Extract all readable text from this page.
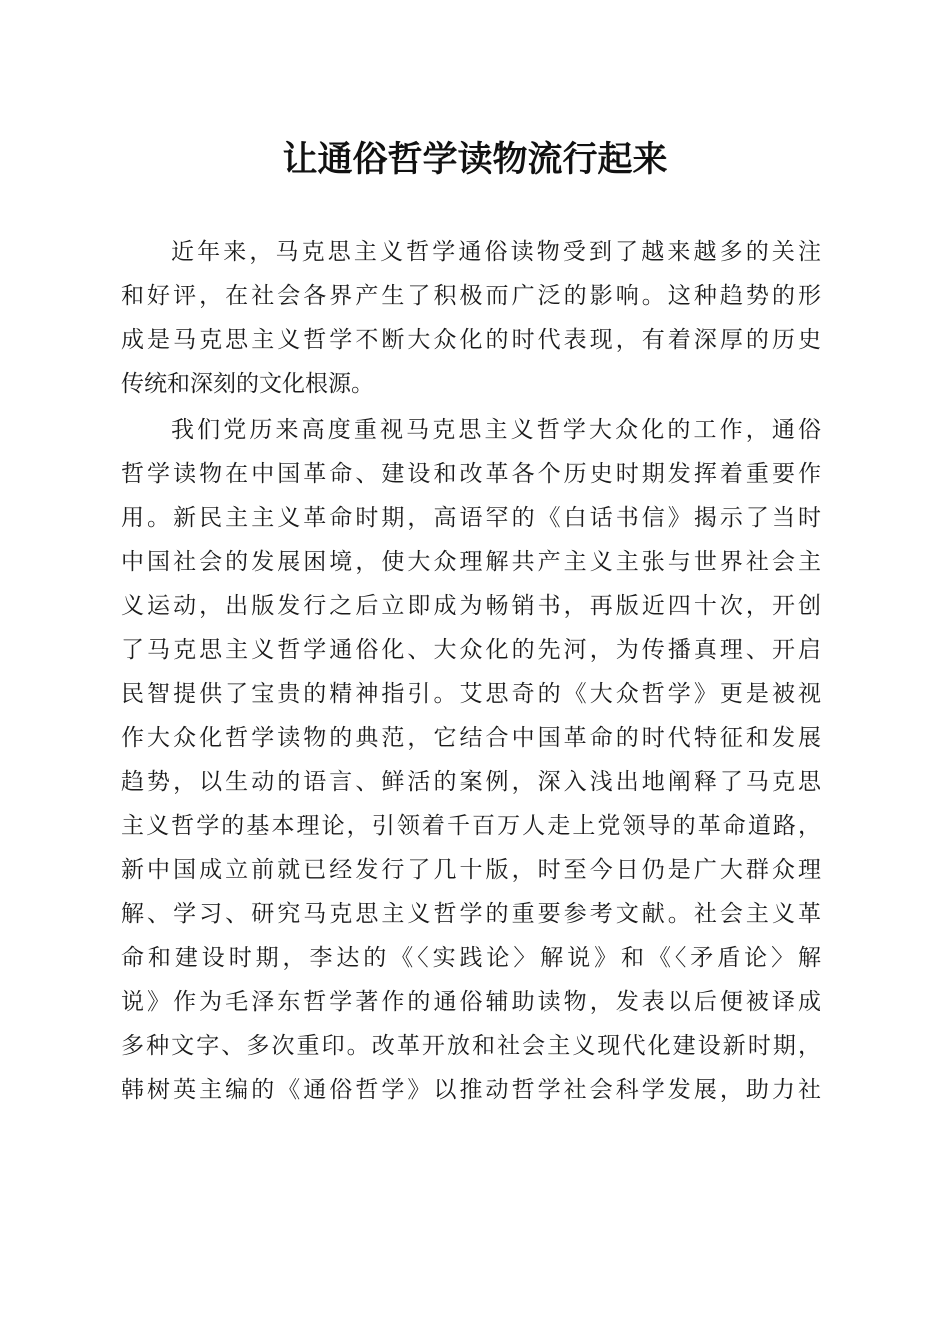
让通俗哲学读物流行起来
近年来，马克思主义哲学通俗读物受到了越来越多的关注
和好评，在社会各界产生了积极而广泛的影响。这种趋势的形
成是马克思主义哲学不断大众化的时代表现，有着深厚的历史
传统和深刻的文化根源。
我们党历来高度重视马克思主义哲学大众化的工作，通俗
哲学读物在中国革命、建设和改革各个历史时期发挥着重要作
用。新民主主义革命时期，高语罕的《白话书信》揭示了当时
中国社会的发展困境，使大众理解共产主义主张与世界社会主
义运动，出版发行之后立即成为畅销书，再版近四十次，开创
了马克思主义哲学通俗化、大众化的先河，为传播真理、开启
民智提供了宝贵的精神指引。艾思奇的《大众哲学》更是被视
作大众化哲学读物的典范，它结合中国革命的时代特征和发展
趋势，以生动的语言、鲜活的案例，深入浅出地阐释了马克思
主义哲学的基本理论，引领着千百万人走上党领导的革命道路，
新中国成立前就已经发行了几十版，时至今日仍是广大群众理
解、学习、研究马克思主义哲学的重要参考文献。社会主义革
命和建设时期，李达的《〈实践论〉解说》和《〈矛盾论〉解
说》作为毛泽东哲学著作的通俗辅助读物，发表以后便被译成
多种文字、多次重印。改革开放和社会主义现代化建设新时期，
韩树英主编的《通俗哲学》以推动哲学社会科学发展，助力社
